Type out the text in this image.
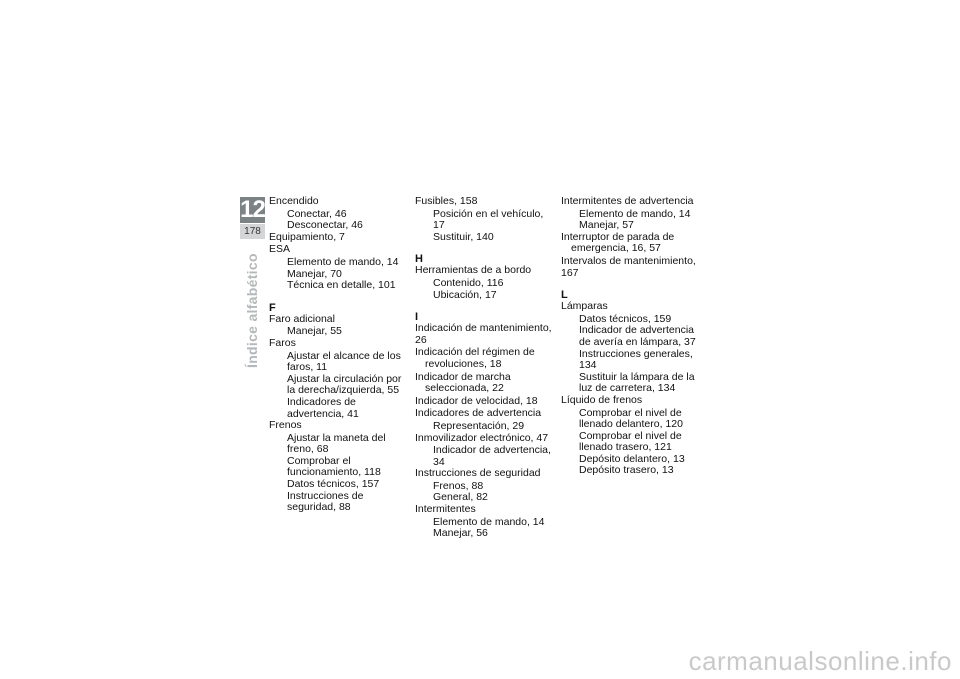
12
178
Índice alfabético
Encendido
Conectar, 46
Desconectar, 46
Equipamiento, 7
ESA
Elemento de mando, 14
Manejar, 70
Técnica en detalle, 101
F
Faro adicional
Manejar, 55
Faros
Ajustar el alcance de los faros, 11
Ajustar la circulación por la derecha/izquierda, 55
Indicadores de advertencia, 41
Frenos
Ajustar la maneta del freno, 68
Comprobar el funcionamiento, 118
Datos técnicos, 157
Instrucciones de seguridad, 88
Fusibles, 158
Posición en el vehículo, 17
Sustituir, 140
H
Herramientas de a bordo
Contenido, 116
Ubicación, 17
I
Indicación de mantenimiento, 26
Indicación del régimen de revoluciones, 18
Indicador de marcha seleccionada, 22
Indicador de velocidad, 18
Indicadores de advertencia
Representación, 29
Inmovilizador electrónico, 47
Indicador de advertencia, 34
Instrucciones de seguridad
Frenos, 88
General, 82
Intermitentes
Elemento de mando, 14
Manejar, 56
Intermitentes de advertencia
Elemento de mando, 14
Manejar, 57
Interruptor de parada de emergencia, 16, 57
Intervalos de mantenimiento, 167
L
Lámparas
Datos técnicos, 159
Indicador de advertencia de avería en lámpara, 37
Instrucciones generales, 134
Sustituir la lámpara de la luz de carretera, 134
Líquido de frenos
Comprobar el nivel de llenado delantero, 120
Comprobar el nivel de llenado trasero, 121
Depósito delantero, 13
Depósito trasero, 13
carmanualsonline.info
